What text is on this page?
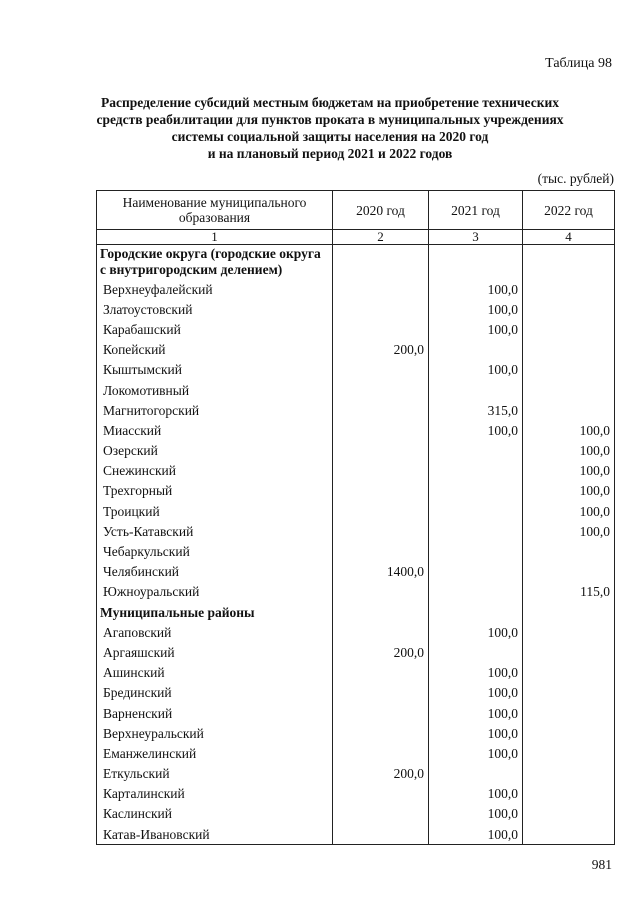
Таблица 98
Распределение субсидий местным бюджетам на приобретение технических
средств реабилитации для пунктов проката в муниципальных учреждениях
системы социальной защиты населения на 2020 год
и на плановый период 2021 и 2022 годов
(тыс. рублей)
Наименование муниципального образования	2020 год	2021 год	2022 год
1	2	3	4
Городские округа (городские округа с внутригородским делением)			
Верхнеуфалейский		100,0	
Златоустовский		100,0	
Карабашский		100,0	
Копейский	200,0		
Кыштымский		100,0	
Локомотивный			
Магнитогорский		315,0	
Миасский		100,0	100,0
Озерский			100,0
Снежинский			100,0
Трехгорный			100,0
Троицкий			100,0
Усть-Катавский			100,0
Чебаркульский			
Челябинский	1400,0		
Южноуральский			115,0
Муниципальные районы			
Агаповский		100,0	
Аргаяшский	200,0		
Ашинский		100,0	
Брединский		100,0	
Варненский		100,0	
Верхнеуральский		100,0	
Еманжелинский		100,0	
Еткульский	200,0		
Карталинский		100,0	
Каслинский		100,0	
Катав-Ивановский		100,0	
981
